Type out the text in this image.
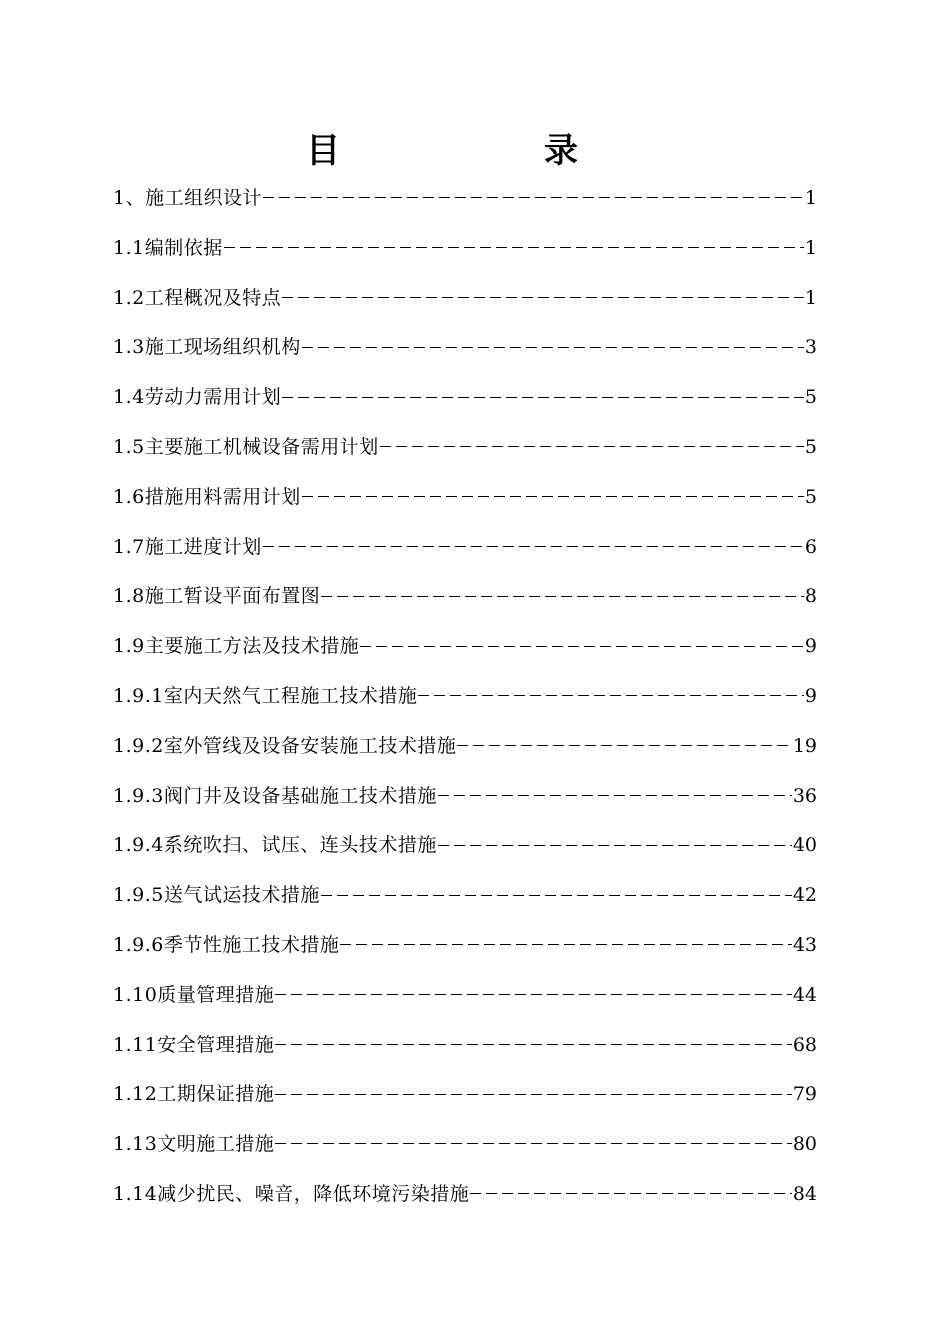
目 录
1、施工组织设计	1
1.1编制依据	1
1.2工程概况及特点	1
1.3施工现场组织机构	3
1.4劳动力需用计划	5
1.5主要施工机械设备需用计划	5
1.6措施用料需用计划	5
1.7施工进度计划	6
1.8施工暂设平面布置图	8
1.9主要施工方法及技术措施	9
1.9.1室内天然气工程施工技术措施	9
1.9.2室外管线及设备安装施工技术措施	19
1.9.3阀门井及设备基础施工技术措施	36
1.9.4系统吹扫、试压、连头技术措施	40
1.9.5送气试运技术措施	42
1.9.6季节性施工技术措施	43
1.10质量管理措施	44
1.11安全管理措施	68
1.12工期保证措施	79
1.13文明施工措施	80
1.14减少扰民、噪音，降低环境污染措施	84
